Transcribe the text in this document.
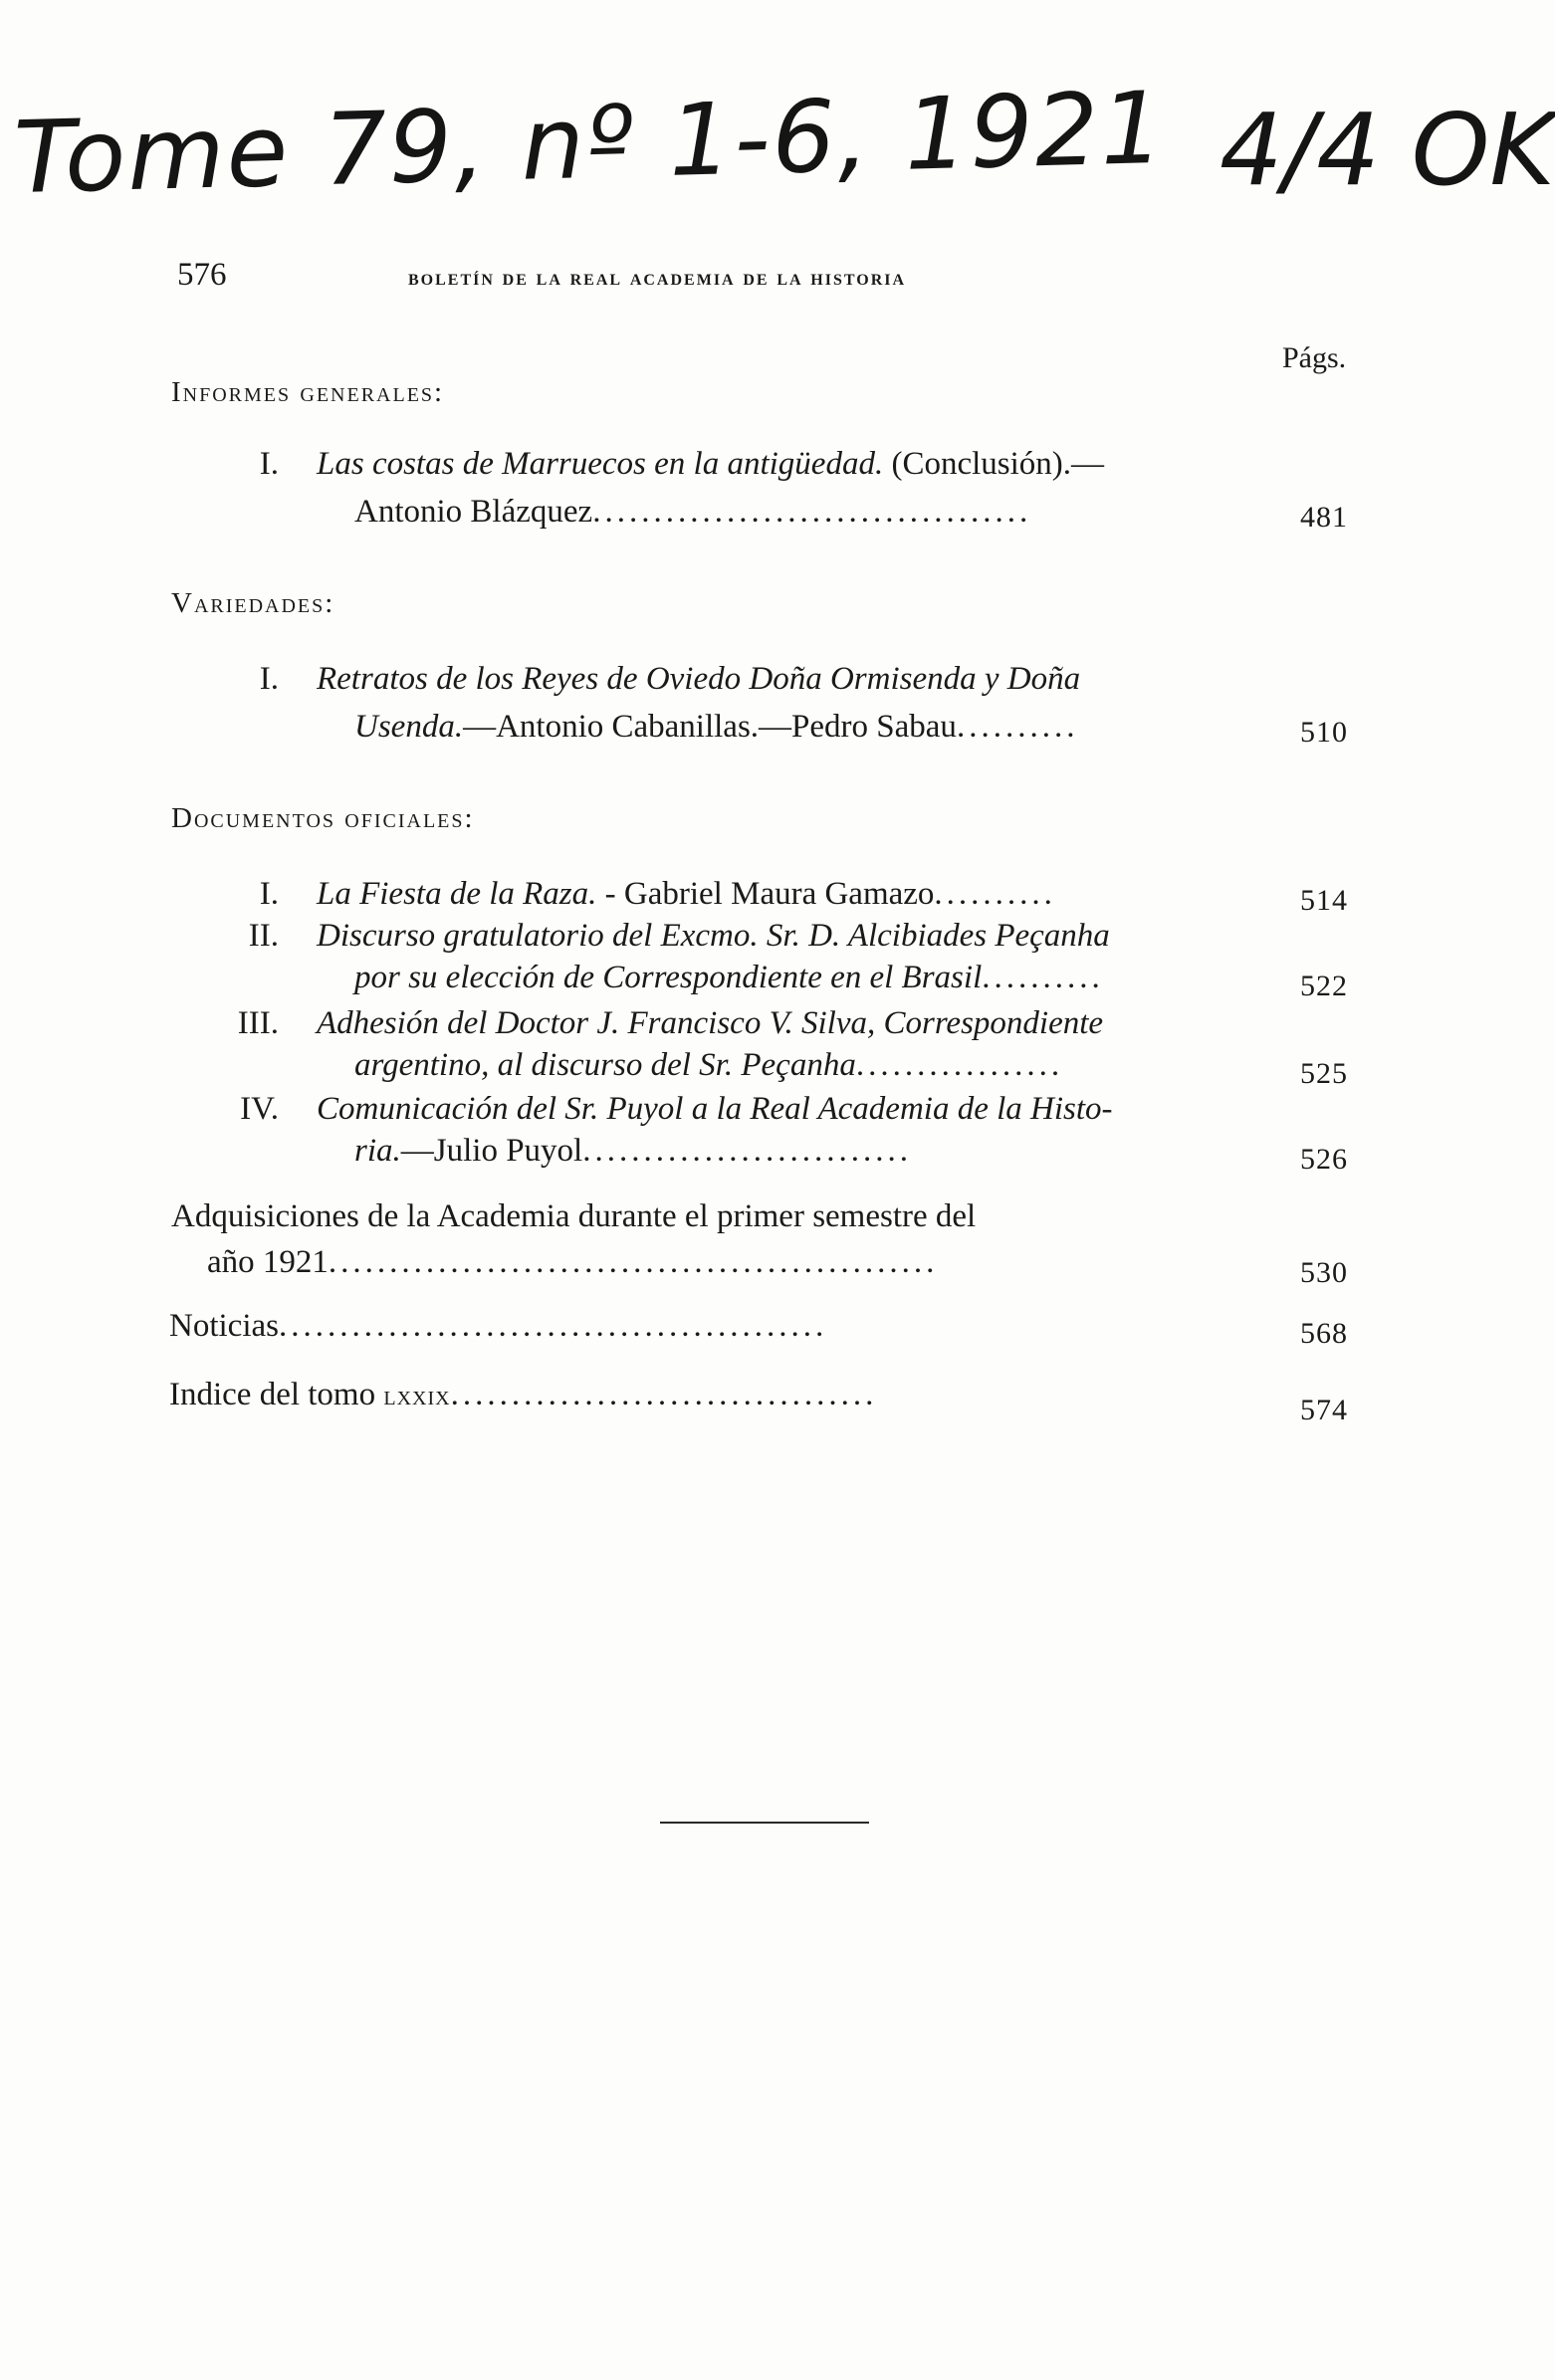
Tome 79, nº 1-6, 1921 4/4 OK
576	boletín de la real academia de la historia
Págs.
Informes generales:
I. Las costas de Marruecos en la antigüedad. (Conclusión).—
Antonio Blázquez....................................	481
Variedades:
I. Retratos de los Reyes de Oviedo Doña Ormisenda y Doña
Usenda.—Antonio Cabanillas.—Pedro Sabau..........	510
Documentos oficiales:
I. La Fiesta de la Raza. - Gabriel Maura Gamazo..........	514
II. Discurso gratulatorio del Excmo. Sr. D. Alcibiades Peçanha
por su elección de Correspondiente en el Brasil..........	522
III. Adhesión del Doctor J. Francisco V. Silva, Correspondiente
argentino, al discurso del Sr. Peçanha.................	525
IV. Comunicación del Sr. Puyol a la Real Academia de la Histo-
ria.—Julio Puyol...........................	526
Adquisiciones de la Academia durante el primer semestre del
año 1921..................................................	530
Noticias.............................................	568
Indice del tomo lxxix...................................	574
